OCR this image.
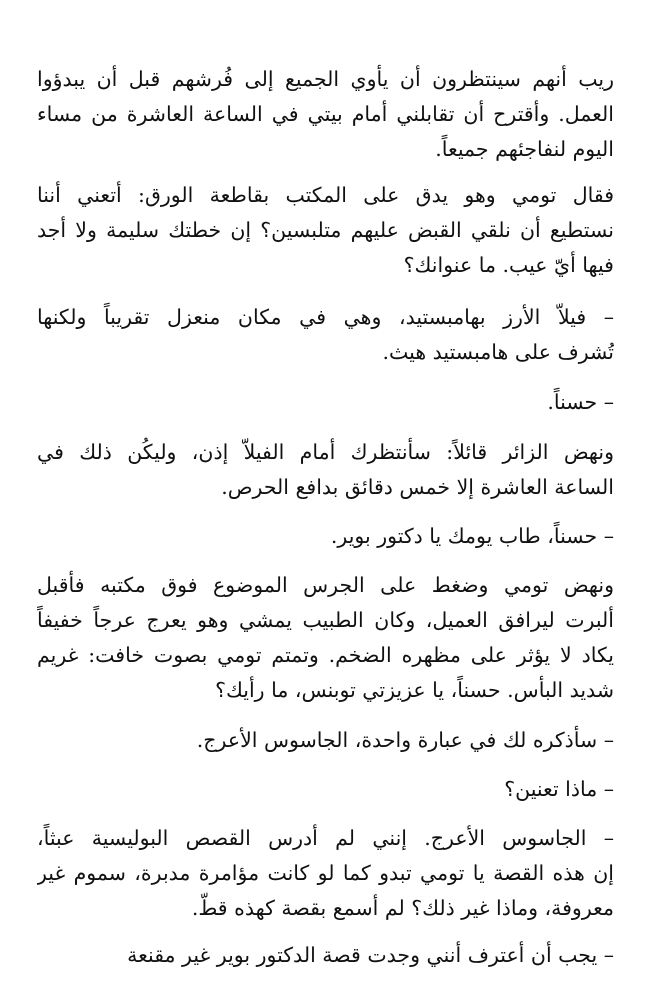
ريب أنهم سينتظرون أن يأوي الجميع إلى فُرشهم قبل أن يبدؤوا
العمل. وأقترح أن تقابلني أمام بيتي في الساعة العاشرة من مساء
اليوم لنفاجئهم جميعاً.
فقال تومي وهو يدق على المكتب بقاطعة الورق: أتعني أننا
نستطيع أن نلقي القبض عليهم متلبسين؟ إن خطتك سليمة ولا أجد
فيها أيّ عيب. ما عنوانك؟
– فيلاّ الأرز بهامبستيد، وهي في مكان منعزل تقريباً ولكنها
تُشرف على هامبستيد هيث.
– حسناً.
ونهض الزائر قائلاً: سأنتظرك أمام الفيلاّ إذن، وليكُن ذلك في
الساعة العاشرة إلا خمس دقائق بدافع الحرص.
– حسناً، طاب يومك يا دكتور بوير.
ونهض تومي وضغط على الجرس الموضوع فوق مكتبه فأقبل
ألبرت ليرافق العميل، وكان الطبيب يمشي وهو يعرج عرجاً خفيفاً
يكاد لا يؤثر على مظهره الضخم. وتمتم تومي بصوت خافت: غريم
شديد البأس. حسناً، يا عزيزتي توبنس، ما رأيك؟
– سأذكره لك في عبارة واحدة، الجاسوس الأعرج.
– ماذا تعنين؟
– الجاسوس الأعرج. إنني لم أدرس القصص البوليسية عبثاً،
إن هذه القصة يا تومي تبدو كما لو كانت مؤامرة مدبرة، سموم غير
معروفة، وماذا غير ذلك؟ لم أسمع بقصة كهذه قطّ.
– يجب أن أعترف أنني وجدت قصة الدكتور بوير غير مقنعة
